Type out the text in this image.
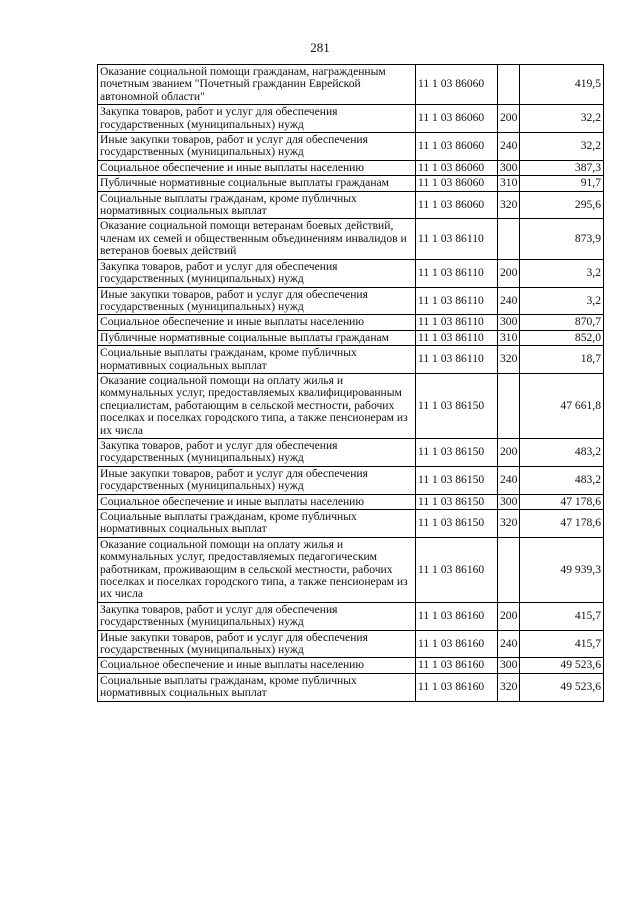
281
Оказание социальной помощи гражданам, награжденным почетным званием "Почетный гражданин Еврейской автономной области"	11 1 03 86060		419,5
Закупка товаров, работ и услуг для обеспечения государственных (муниципальных) нужд	11 1 03 86060	200	32,2
Иные закупки товаров, работ и услуг для обеспечения государственных (муниципальных) нужд	11 1 03 86060	240	32,2
Социальное обеспечение и иные выплаты населению	11 1 03 86060	300	387,3
Публичные нормативные социальные выплаты гражданам	11 1 03 86060	310	91,7
Социальные выплаты гражданам, кроме публичных нормативных социальных выплат	11 1 03 86060	320	295,6
Оказание социальной помощи ветеранам боевых действий, членам их семей и общественным объединениям инвалидов и ветеранов боевых действий	11 1 03 86110		873,9
Закупка товаров, работ и услуг для обеспечения государственных (муниципальных) нужд	11 1 03 86110	200	3,2
Иные закупки товаров, работ и услуг для обеспечения государственных (муниципальных) нужд	11 1 03 86110	240	3,2
Социальное обеспечение и иные выплаты населению	11 1 03 86110	300	870,7
Публичные нормативные социальные выплаты гражданам	11 1 03 86110	310	852,0
Социальные выплаты гражданам, кроме публичных нормативных социальных выплат	11 1 03 86110	320	18,7
Оказание социальной помощи на оплату жилья и коммунальных услуг, предоставляемых квалифицированным специалистам, работающим в сельской местности, рабочих поселках и поселках городского типа, а также пенсионерам из их числа	11 1 03 86150		47 661,8
Закупка товаров, работ и услуг для обеспечения государственных (муниципальных) нужд	11 1 03 86150	200	483,2
Иные закупки товаров, работ и услуг для обеспечения государственных (муниципальных) нужд	11 1 03 86150	240	483,2
Социальное обеспечение и иные выплаты населению	11 1 03 86150	300	47 178,6
Социальные выплаты гражданам, кроме публичных нормативных социальных выплат	11 1 03 86150	320	47 178,6
Оказание социальной помощи на оплату жилья и коммунальных услуг, предоставляемых педагогическим работникам, проживающим в сельской местности, рабочих поселках и поселках городского типа, а также пенсионерам из их числа	11 1 03 86160		49 939,3
Закупка товаров, работ и услуг для обеспечения государственных (муниципальных) нужд	11 1 03 86160	200	415,7
Иные закупки товаров, работ и услуг для обеспечения государственных (муниципальных) нужд	11 1 03 86160	240	415,7
Социальное обеспечение и иные выплаты населению	11 1 03 86160	300	49 523,6
Социальные выплаты гражданам, кроме публичных нормативных социальных выплат	11 1 03 86160	320	49 523,6
